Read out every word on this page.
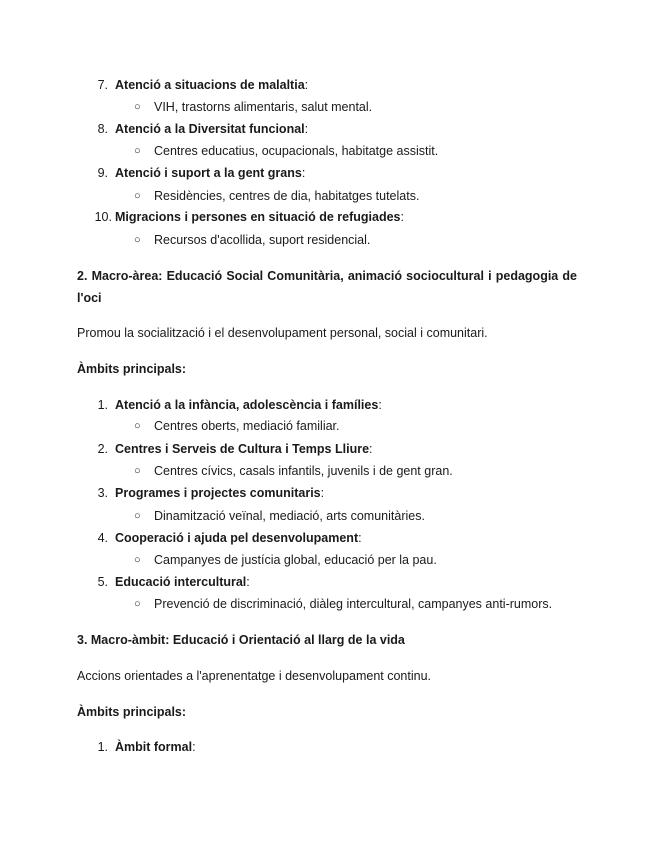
7. Atenció a situacions de malaltia:
○ VIH, trastorns alimentaris, salut mental.
8. Atenció a la Diversitat funcional:
○ Centres educatius, ocupacionals, habitatge assistit.
9. Atenció i suport a la gent grans:
○ Residències, centres de dia, habitatges tutelats.
10. Migracions i persones en situació de refugiades:
○ Recursos d'acollida, suport residencial.
2. Macro-àrea: Educació Social Comunitària, animació sociocultural i pedagogia de l'oci
Promou la socialització i el desenvolupament personal, social i comunitari.
Àmbits principals:
1. Atenció a la infància, adolescència i famílies:
○ Centres oberts, mediació familiar.
2. Centres i Serveis de Cultura i Temps Lliure:
○ Centres cívics, casals infantils, juvenils i de gent gran.
3. Programes i projectes comunitaris:
○ Dinamització veïnal, mediació, arts comunitàries.
4. Cooperació i ajuda pel desenvolupament:
○ Campanyes de justícia global, educació per la pau.
5. Educació intercultural:
○ Prevenció de discriminació, diàleg intercultural, campanyes anti-rumors.
3. Macro-àmbit: Educació i Orientació al llarg de la vida
Accions orientades a l'aprenentatge i desenvolupament continu.
Àmbits principals:
1. Àmbit formal:
